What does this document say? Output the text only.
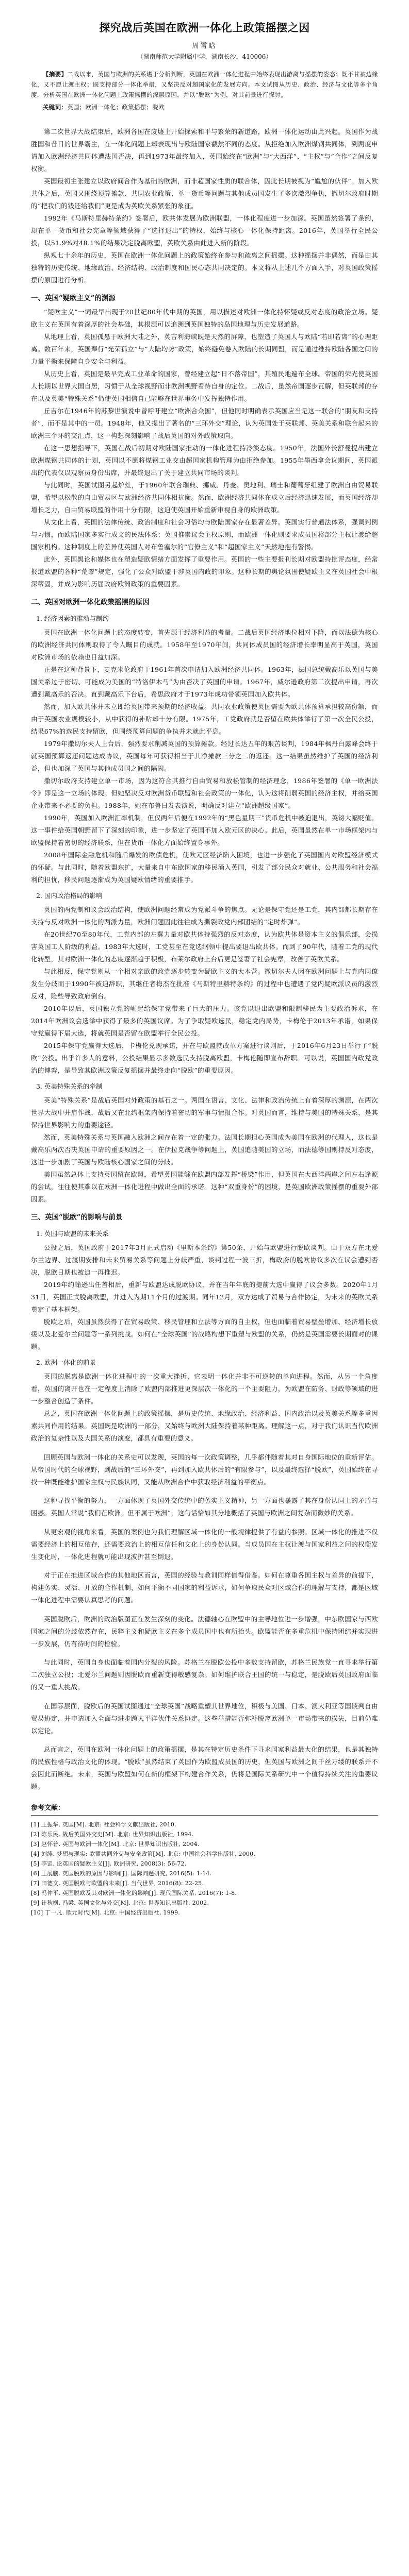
探究战后英国在欧洲一体化上政策摇摆之因
周霄晗
（湖南师范大学附属中学，湖南长沙，410006）
【摘要】二战以来，英国与欧洲的关系堪于分析判断，英国在欧洲一体化进程中始终表现出游离与摇摆的姿态：既不甘被边缘化，又不愿让渡主权；既支持部分一体化举措，又坚决反对超国家化的发展方向。本文试图从历史、政治、经济与文化等多个角度，分析英国在欧洲一体化问题上政策摇摆的深层原因，并以“脱欧”为例，对其前景进行探讨。
关键词：英国；欧洲一体化；政策摇摆；脱欧

第二次世界大战结束后，欧洲各国在废墟上开始探索和平与繁荣的新道路，欧洲一体化运动由此兴起。英国作为战胜国和昔日的世界霸主，在一体化问题上却表现出与欧陆国家截然不同的态度。从拒绝加入欧洲煤钢共同体，到两度申请加入欧洲经济共同体遭法国否决，再到1973年最终加入，英国始终在“欧洲”与“大西洋”、“主权”与“合作”之间反复权衡。

英国最初主张建立以政府间合作为基础的欧洲，而非超国家性质的联合体，因此长期被视为“尴尬的伙伴”。加入欧共体之后，英国又围绕预算摊款、共同农业政策、单一货币等问题与其他成员国发生了多次激烈争执，撒切尔政府时期的“把我们的钱还给我们”更是成为英欧关系紧张的象征。

1992年《马斯特里赫特条约》签署后，欧共体发展为欧洲联盟，一体化程度进一步加深。英国虽然签署了条约，却在单一货币和社会宪章等领域获得了“选择退出”的特权，始终与核心一体化保持距离。2016年，英国举行全民公投，以51.9%对48.1%的结果决定脱离欧盟，英欧关系由此进入新的阶段。

纵观七十余年的历史，英国在欧洲一体化问题上的政策始终在参与和疏离之间摇摆。这种摇摆并非偶然，而是由其独特的历史传统、地缘政治、经济结构、政治制度和国民心态共同决定的。本文将从上述几个方面入手，对英国政策摇摆的原因进行分析。

一、英国“疑欧主义”的渊源

“疑欧主义”一词最早出现于20世纪80年代中期的英国，用以描述对欧洲一体化持怀疑或反对态度的政治立场。疑欧主义在英国有着深厚的社会基础，其根源可以追溯到英国独特的岛国地理与历史发展道路。

从地理上看，英国孤悬于欧洲大陆之外，英吉利海峡既是天然的屏障，也塑造了英国人与欧陆“若即若离”的心理距离。数百年来，英国奉行“光荣孤立”与“大陆均势”政策，始终避免卷入欧陆的长期同盟，而是通过维持欧陆各国之间的力量平衡来保障自身安全与利益。

从历史上看，英国是最早完成工业革命的国家，曾经建立起“日不落帝国”，其殖民地遍布全球。帝国的荣光使英国人长期以世界大国自居，习惯于从全球视野而非欧洲视野看待自身的定位。二战后，虽然帝国逐步瓦解，但英联邦的存在以及英美“特殊关系”仍使英国相信自己能够在世界事务中发挥独特作用。

丘吉尔在1946年的苏黎世演说中曾呼吁建立“欧洲合众国”，但他同时明确表示英国应当是这一联合的“朋友和支持者”，而不是其中的一员。1948年，他又提出了著名的“三环外交”理论，认为英国处于英联邦、英美关系和联合起来的欧洲三个环的交汇点，这一构想深刻影响了战后英国的对外政策取向。

在这一思想指导下，英国在战后初期对欧陆国家推动的一体化进程持冷淡态度。1950年，法国外长舒曼提出建立欧洲煤钢共同体的计划，英国以不愿将煤钢工业交由超国家机构管理为由拒绝参加。1955年墨西拿会议期间，英国派出的代表仅以观察员身份出席，并最终退出了关于建立共同市场的谈判。

与此同时，英国试图另起炉灶，于1960年联合瑞典、挪威、丹麦、奥地利、瑞士和葡萄牙组建了欧洲自由贸易联盟，希望以松散的自由贸易区与欧洲经济共同体相抗衡。然而，欧洲经济共同体在成立后经济迅速发展，而英国经济却增长乏力，自由贸易联盟的作用十分有限，这迫使英国开始重新审视自身的欧洲政策。

从文化上看，英国的法律传统、政治制度和社会习俗均与欧陆国家存在显著差异。英国实行普通法体系，强调判例与习惯，而欧陆国家多实行成文的民法体系；英国推崇议会主权原则，而欧洲一体化则要求成员国将部分主权让渡给超国家机构。这种制度上的差异使英国人对布鲁塞尔的“官僚主义”和“超国家主义”天然地抱有警惕。

此外，英国舆论和媒体也在塑造疑欧情绪方面发挥了重要作用。英国的一些主要报刊长期对欧盟持批评态度，经常报道欧盟的各种“荒谬”规定，强化了公众对欧盟干涉英国内政的印象。这种长期的舆论氛围使疑欧主义在英国社会中根深蒂固，并成为影响历届政府欧洲政策的重要因素。

二、英国对欧洲一体化政策摇摆的原因
1. 经济因素的推动与制约

英国在欧洲一体化问题上的态度转变，首先源于经济利益的考量。二战后英国经济地位相对下降，而以法德为核心的欧洲经济共同体则取得了令人瞩目的成就。1958年至1970年间，共同体成员国的经济增长率明显高于英国，英国对欧洲市场的依赖也日益加深。

正是在这种背景下，麦克米伦政府于1961年首次申请加入欧洲经济共同体。1963年，法国总统戴高乐以英国与美国关系过于密切、可能成为美国的“特洛伊木马”为由否决了英国的申请。1967年，威尔逊政府第二次提出申请，再次遭到戴高乐的否决。直到戴高乐下台后，希思政府才于1973年成功带领英国加入欧共体。

然而，加入欧共体并未立即给英国带来预期的经济收益。共同农业政策使英国需要为欧共体预算承担较高份额，而由于英国农业规模较小，从中获得的补贴却十分有限。1975年，工党政府就是否留在欧共体举行了第一次全民公投，结果67%的选民支持留欧，但围绕预算问题的争执并未就此平息。

1979年撒切尔夫人上台后，强烈要求削减英国的预算摊款。经过长达五年的艰苦谈判，1984年枫丹白露峰会终于就英国预算返还问题达成协议，英国每年可获得相当于其净摊款三分之二的返还。这一结果虽然维护了英国的经济利益，但也加深了英国与其他成员国之间的隔阂。

撒切尔政府支持建立单一市场，因为这符合其推行自由贸易和放松管制的经济理念，1986年签署的《单一欧洲法令》即是这一立场的体现。但她坚决反对欧洲货币联盟和社会政策的一体化，认为这将削弱英国的经济主权，并给英国企业带来不必要的负担。1988年，她在布鲁日发表演说，明确反对建立“欧洲超级国家”。

1990年，英国加入欧洲汇率机制，但仅两年后便在1992年的“黑色星期三”货币危机中被迫退出，英镑大幅贬值。这一事件给英国朝野留下了深刻的印象，进一步坚定了英国不加入欧元区的决心。此后，英国虽然在单一市场框架内与欧盟保持着密切的经济联系，但在货币一体化方面始终置身事外。

2008年国际金融危机和随后爆发的欧债危机，使欧元区经济陷入困境，也进一步强化了英国国内对欧盟经济模式的怀疑。与此同时，随着欧盟东扩，大量来自中东欧国家的移民涌入英国，引发了部分民众对就业、公共服务和社会福利的担忧，移民问题逐渐成为英国疑欧情绪的重要推手。

2. 国内政治格局的影响

英国的两党制和议会政治结构，使欧洲问题经常成为党派斗争的焦点。无论是保守党还是工党，其内部都长期存在支持与反对欧洲一体化的两派力量，欧洲问题因此往往成为撕裂政党内部团结的“定时炸弹”。

在20世纪70至80年代，工党内部的左翼力量对欧共体持强烈的反对态度，认为欧共体是资本主义的俱乐部，会损害英国工人阶级的利益。1983年大选时，工党甚至在竞选纲领中提出要退出欧共体。而到了90年代，随着工党的现代化转型，其对欧洲一体化的态度逐渐趋于积极，布莱尔政府上台后更是签署了社会宪章，改善了英欧关系。

与此相反，保守党则从一个相对亲欧的政党逐步转变为疑欧主义的大本营。撒切尔夫人因在欧洲问题上与党内同僚发生分歧而于1990年被迫辞职，其继任者梅杰在批准《马斯特里赫特条约》的过程中也遭遇了党内疑欧派议员的激烈反对，险些导致政府倒台。

2010年以后，英国独立党的崛起给保守党带来了巨大的压力。该党以退出欧盟和限制移民为主要政治诉求，在2014年欧洲议会选举中获得了最多的英国议席。为了争取疑欧选民，稳定党内局势，卡梅伦于2013年承诺，如果保守党赢得下届大选，将就英国是否留在欧盟举行全民公投。

2015年保守党赢得大选后，卡梅伦兑现承诺，并在与欧盟就改革方案进行谈判后，于2016年6月23日举行了“脱欧”公投。出乎许多人的意料，公投结果显示多数选民支持脱离欧盟，卡梅伦随即宣布辞职。可以说，英国国内政党政治的博弈，是导致其欧洲政策反复摇摆并最终走向“脱欧”的重要原因。

3. 英美特殊关系的牵制

英美“特殊关系”是战后英国对外政策的基石之一。两国在语言、文化、法律和政治传统上有着深厚的渊源，在两次世界大战中并肩作战，战后又在北约框架内保持着密切的军事与情报合作。对英国而言，维持与美国的特殊关系，是其保持世界影响力的重要途径。

然而，英美特殊关系与英国融入欧洲之间存在着一定的张力。法国长期担心英国成为美国在欧洲的代理人，这也是戴高乐两次否决英国申请的重要原因之一。在伊拉克战争等问题上，英国追随美国的立场，而法德等国则持反对态度，这进一步加剧了英国与欧陆核心国家之间的分歧。

美国虽然总体上支持英国留在欧盟，希望英国能够在欧盟内部发挥“桥梁”作用，但英国在大西洋两岸之间左右逢源的尝试，往往使其难以在欧洲一体化进程中做出全面的承诺。这种“双重身份”的困境，是英国欧洲政策摇摆的重要外部因素。

三、英国“脱欧”的影响与前景
1. 英国与欧盟的未来关系

公投之后，英国政府于2017年3月正式启动《里斯本条约》第50条，开始与欧盟进行脱欧谈判。由于双方在北爱尔兰边界、过渡期安排和未来贸易关系等问题上分歧严重，谈判过程一波三折，梅政府的脱欧协议多次在议会遭到否决，脱欧日期也被迫一再推迟。

2019年约翰逊出任首相后，重新与欧盟达成脱欧协议，并在当年年底的提前大选中赢得了议会多数。2020年1月31日，英国正式脱离欧盟，并进入为期11个月的过渡期。同年12月，双方达成了贸易与合作协定，为未来的英欧关系奠定了基本框架。

脱欧之后，英国虽然获得了在贸易政策、移民管理和立法等方面的自主权，但也面临着贸易壁垒增加、经济增长放缓以及北爱尔兰问题等一系列挑战。如何在“全球英国”的战略构想下重塑与欧盟的关系，仍然是英国需要长期面对的课题。

2. 欧洲一体化的前景

英国的脱离是欧洲一体化进程中的一次重大挫折，它表明一体化并非不可逆转的单向进程。然而，从另一个角度看，英国的离开也在一定程度上消除了欧盟内部推进更深层次一体化的一个主要阻力，为欧盟在防务、财政等领域的进一步整合创造了条件。

总之，英国在欧洲一体化问题上的政策摇摆，是历史传统、地缘政治、经济利益、国内政治以及英美关系等多重因素共同作用的结果。英国既是欧洲的一部分，又始终与欧洲大陆保持着某种距离。理解这一点，对于我们认识当代欧洲政治的复杂性以及大国关系的演变，都具有重要的意义。

回顾英国与欧洲一体化的关系史可以发现，英国的每一次政策调整，几乎都伴随着其对自身国际地位的重新评估。从帝国时代的全球视野，到战后的“三环外交”，再到加入欧共体后的“有限参与”，以及最终选择“脱欧”，英国始终在寻找一种既能维护国家主权与民族认同，又能从欧洲合作中获取经济利益的平衡点。

这种寻找平衡的努力，一方面体现了英国外交传统中的务实主义精神，另一方面也暴露了其在身份认同上的矛盾与困惑。英国人常说“我们在欧洲，但不属于欧洲”，这句话恰如其分地概括了英国与欧洲之间复杂而微妙的关系。

从更宏观的视角来看，英国的案例也为我们理解区域一体化的一般规律提供了有益的参照。区域一体化的推进不仅需要经济上的相互依存，还需要政治上的相互信任和文化上的身份认同。当成员国在主权让渡与国家利益之间的权衡发生变化时，一体化进程就可能出现波折甚至倒退。

对于正在推进区域合作的其他地区而言，英国的经验与教训同样值得借鉴。如何在尊重各国主权与差异的前提下，构建务实、灵活、开放的合作机制，如何平衡不同国家的利益诉求，如何争取民众对区域合作的理解与支持，都是区域一体化进程中需要认真思考的问题。

英国脱欧后，欧洲的政治版图正在发生深刻的变化。法德轴心在欧盟中的主导地位进一步增强，中东欧国家与西欧国家之间的分歧依然存在，民粹主义和疑欧主义在多个成员国中也有所抬头。欧盟能否在多重危机中保持团结并实现进一步发展，仍有待时间的检验。

与此同时，英国自身也面临着国内分裂的风险。苏格兰在脱欧公投中多数支持留欧，苏格兰民族党一直寻求举行第二次独立公投；北爱尔兰问题则因脱欧而重新变得敏感复杂。如何维护联合王国的统一与稳定，是脱欧后英国政府面临的又一重大挑战。

在国际层面，脱欧后的英国试图通过“全球英国”战略重塑其世界地位，积极与美国、日本、澳大利亚等国谈判自由贸易协定，并申请加入全面与进步跨太平洋伙伴关系协定。这些举措能否弥补脱离欧洲单一市场带来的损失，目前仍难以定论。

总而言之，英国在欧洲一体化问题上的政策摇摆，是其在特定历史条件下寻求国家利益最大化的结果，也是其独特的民族性格与政治文化的体现。“脱欧”虽然结束了英国作为欧盟成员国的历史，但英国与欧洲之间千丝万缕的联系并不会因此而断绝。未来，英国与欧盟如何在新的框架下构建合作关系，仍将是国际关系研究中一个值得持续关注的重要议题。

参考文献：

[1] 王振华. 英国[M]. 北京: 社会科学文献出版社, 2010.

[2] 陈乐民. 战后英国外交史[M]. 北京: 世界知识出版社, 1994.

[3] 赵怀普. 英国与欧洲一体化[M]. 北京: 世界知识出版社, 2004.

[4] 刘绯. 梦想与现实: 欧盟共同外交与安全政策[M]. 北京: 中国社会科学出版社, 2000.

[5] 李罡. 论英国的疑欧主义[J]. 欧洲研究, 2008(3): 56-72.

[6] 王展鹏. 英国脱欧的原因与影响[J]. 国际问题研究, 2016(5): 1-14.

[7] 田德文. 英国脱欧与欧盟的未来[J]. 当代世界, 2016(8): 22-25.

[8] 冯仲平. 英国脱欧及其对欧洲一体化的影响[J]. 现代国际关系, 2016(7): 1-8.

[9] 计秋枫, 冯梁. 英国文化与外交[M]. 北京: 世界知识出版社, 2002.

[10] 丁一凡. 欧元时代[M]. 北京: 中国经济出版社, 1999.
